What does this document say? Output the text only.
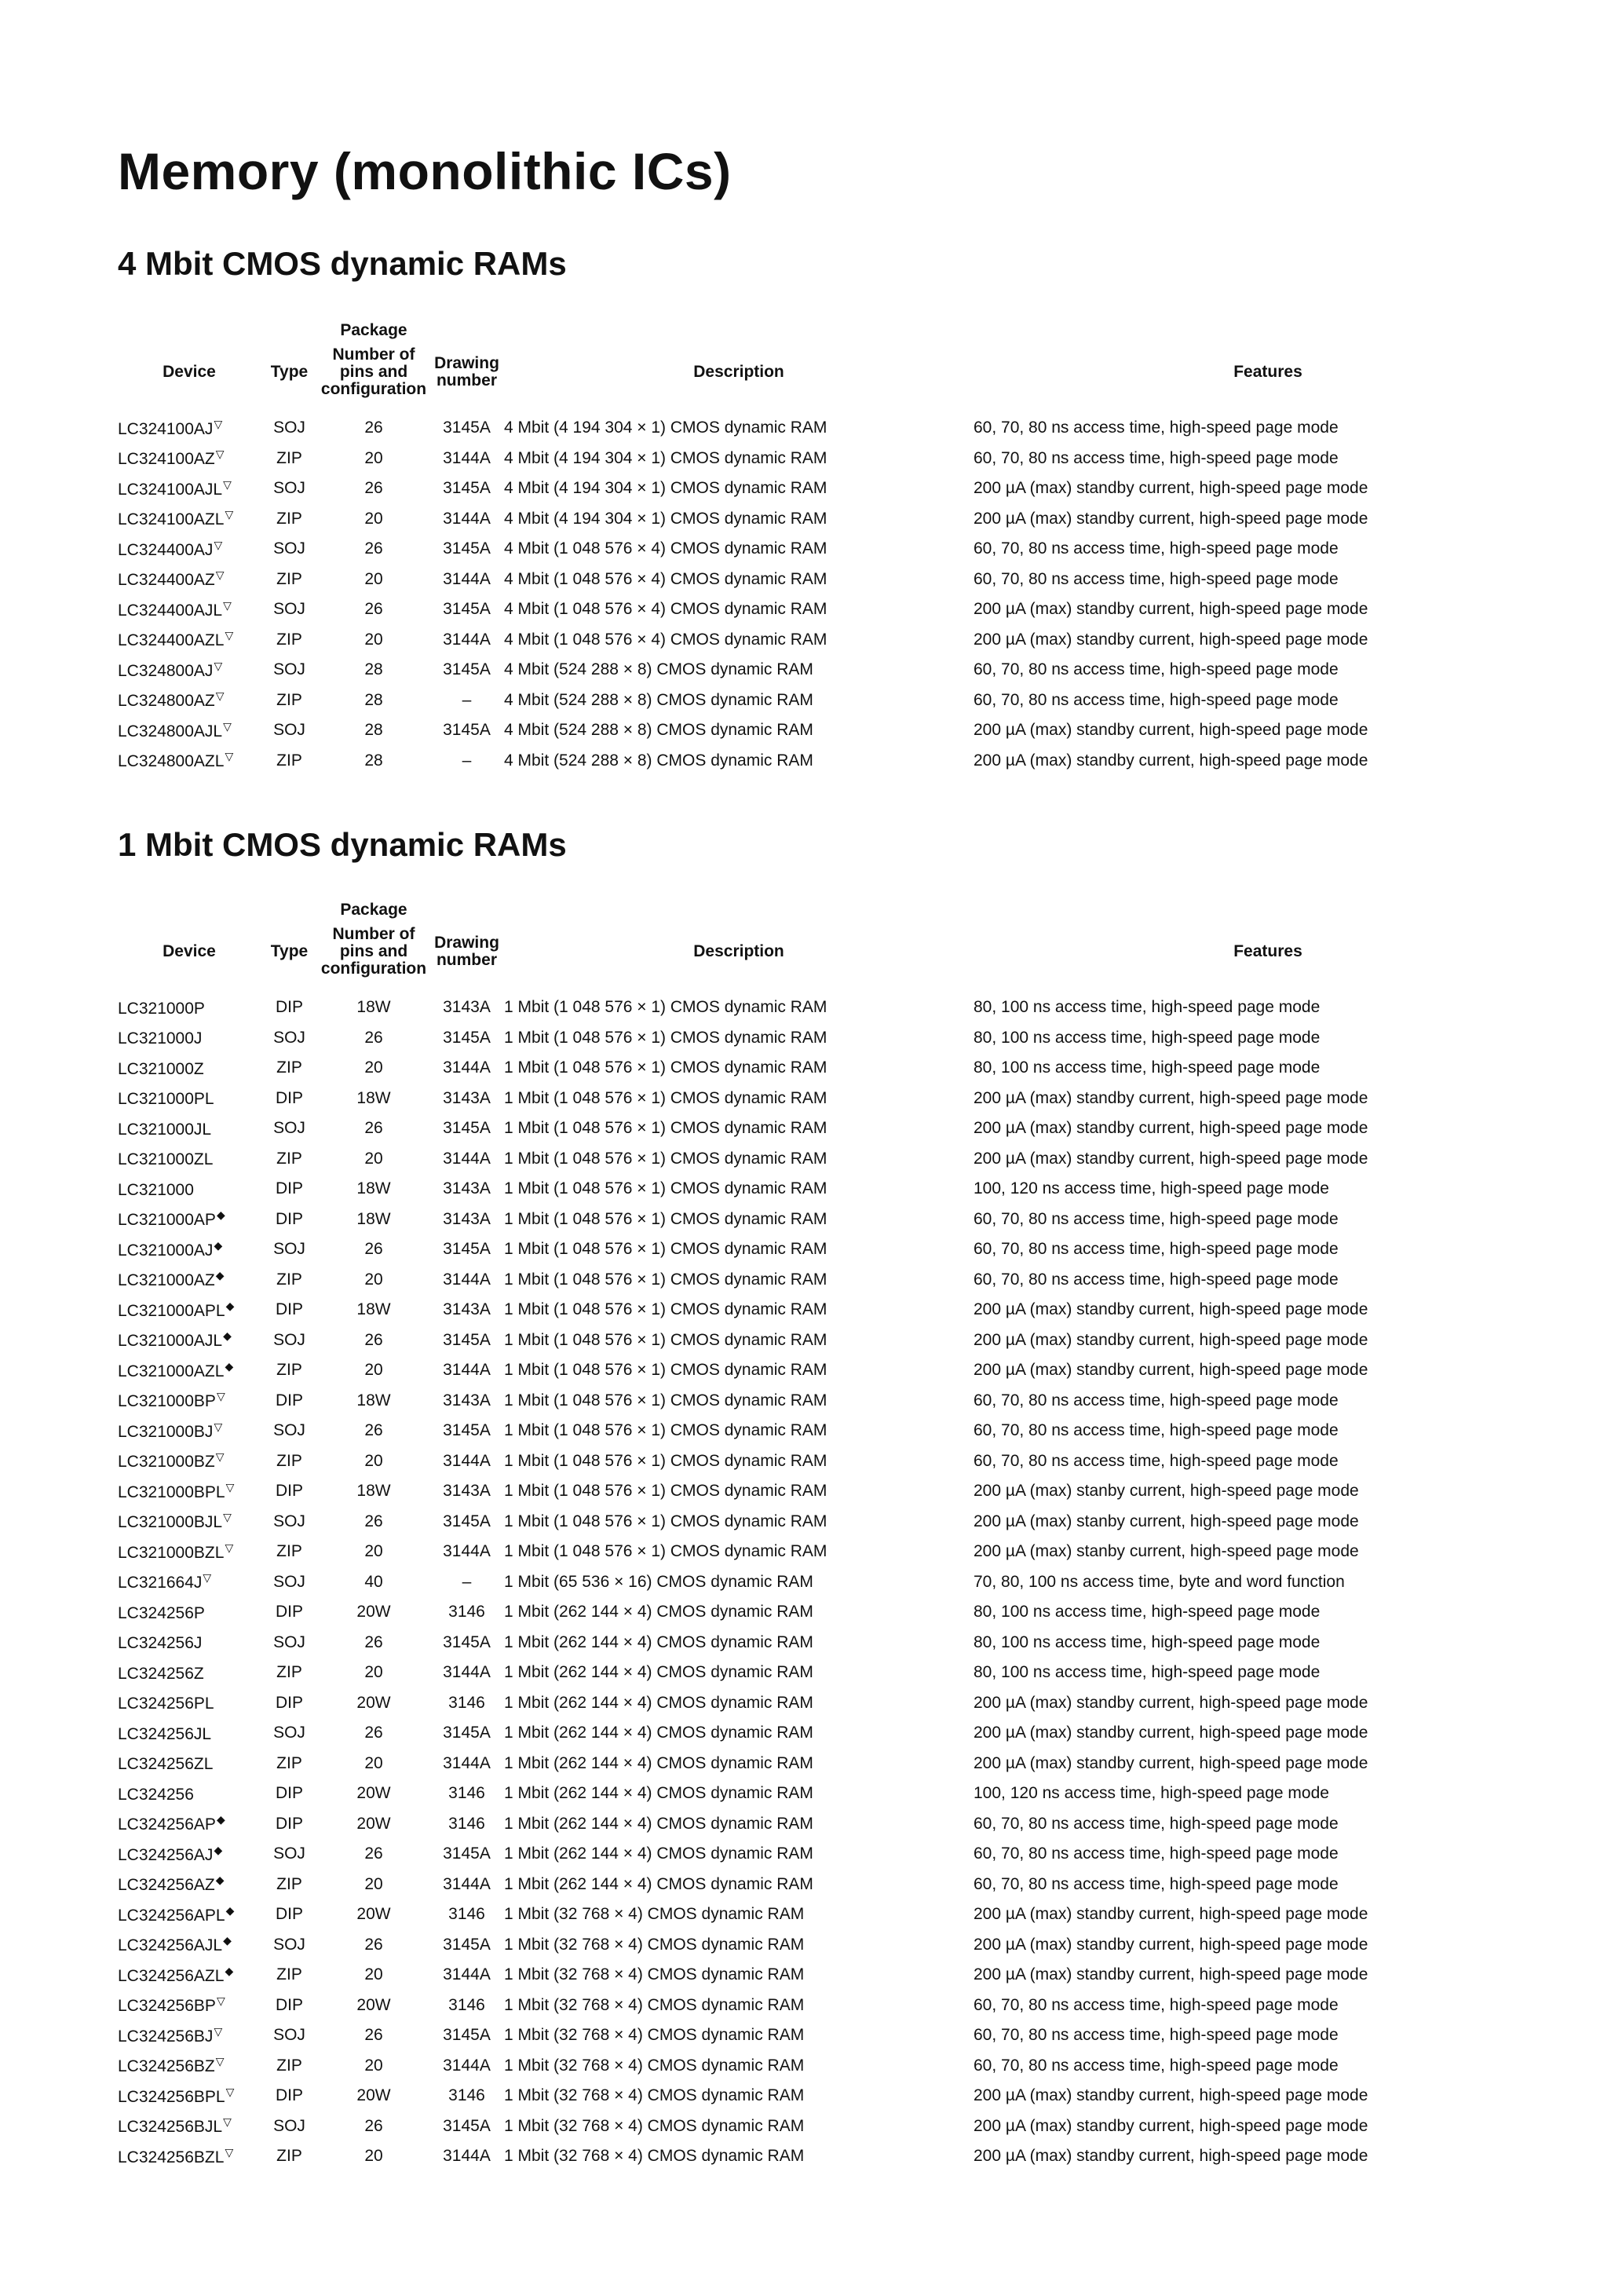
Memory (monolithic ICs)
4 Mbit CMOS dynamic RAMs
		Package			
Device	Type	Number of pins and configuration	Drawing number	Description	Features
LC324100AJ▽	SOJ	26	3145A	4 Mbit (4 194 304 × 1) CMOS dynamic RAM	60, 70, 80 ns access time, high-speed page mode
LC324100AZ▽	ZIP	20	3144A	4 Mbit (4 194 304 × 1) CMOS dynamic RAM	60, 70, 80 ns access time, high-speed page mode
LC324100AJL▽	SOJ	26	3145A	4 Mbit (4 194 304 × 1) CMOS dynamic RAM	200 µA (max) standby current, high-speed page mode
LC324100AZL▽	ZIP	20	3144A	4 Mbit (4 194 304 × 1) CMOS dynamic RAM	200 µA (max) standby current, high-speed page mode
LC324400AJ▽	SOJ	26	3145A	4 Mbit (1 048 576 × 4) CMOS dynamic RAM	60, 70, 80 ns access time, high-speed page mode
LC324400AZ▽	ZIP	20	3144A	4 Mbit (1 048 576 × 4) CMOS dynamic RAM	60, 70, 80 ns access time, high-speed page mode
LC324400AJL▽	SOJ	26	3145A	4 Mbit (1 048 576 × 4) CMOS dynamic RAM	200 µA (max) standby current, high-speed page mode
LC324400AZL▽	ZIP	20	3144A	4 Mbit (1 048 576 × 4) CMOS dynamic RAM	200 µA (max) standby current, high-speed page mode
LC324800AJ▽	SOJ	28	3145A	4 Mbit (524 288 × 8) CMOS dynamic RAM	60, 70, 80 ns access time, high-speed page mode
LC324800AZ▽	ZIP	28	–	4 Mbit (524 288 × 8) CMOS dynamic RAM	60, 70, 80 ns access time, high-speed page mode
LC324800AJL▽	SOJ	28	3145A	4 Mbit (524 288 × 8) CMOS dynamic RAM	200 µA (max) standby current, high-speed page mode
LC324800AZL▽	ZIP	28	–	4 Mbit (524 288 × 8) CMOS dynamic RAM	200 µA (max) standby current, high-speed page mode
1 Mbit CMOS dynamic RAMs
		Package			
Device	Type	Number of pins and configuration	Drawing number	Description	Features
LC321000P	DIP	18W	3143A	1 Mbit (1 048 576 × 1) CMOS dynamic RAM	80, 100 ns access time, high-speed page mode
LC321000J	SOJ	26	3145A	1 Mbit (1 048 576 × 1) CMOS dynamic RAM	80, 100 ns access time, high-speed page mode
LC321000Z	ZIP	20	3144A	1 Mbit (1 048 576 × 1) CMOS dynamic RAM	80, 100 ns access time, high-speed page mode
LC321000PL	DIP	18W	3143A	1 Mbit (1 048 576 × 1) CMOS dynamic RAM	200 µA (max) standby current, high-speed page mode
LC321000JL	SOJ	26	3145A	1 Mbit (1 048 576 × 1) CMOS dynamic RAM	200 µA (max) standby current, high-speed page mode
LC321000ZL	ZIP	20	3144A	1 Mbit (1 048 576 × 1) CMOS dynamic RAM	200 µA (max) standby current, high-speed page mode
LC321000	DIP	18W	3143A	1 Mbit (1 048 576 × 1) CMOS dynamic RAM	100, 120 ns access time, high-speed page mode
LC321000AP◆	DIP	18W	3143A	1 Mbit (1 048 576 × 1) CMOS dynamic RAM	60, 70, 80 ns access time, high-speed page mode
LC321000AJ◆	SOJ	26	3145A	1 Mbit (1 048 576 × 1) CMOS dynamic RAM	60, 70, 80 ns access time, high-speed page mode
LC321000AZ◆	ZIP	20	3144A	1 Mbit (1 048 576 × 1) CMOS dynamic RAM	60, 70, 80 ns access time, high-speed page mode
LC321000APL◆	DIP	18W	3143A	1 Mbit (1 048 576 × 1) CMOS dynamic RAM	200 µA (max) standby current, high-speed page mode
LC321000AJL◆	SOJ	26	3145A	1 Mbit (1 048 576 × 1) CMOS dynamic RAM	200 µA (max) standby current, high-speed page mode
LC321000AZL◆	ZIP	20	3144A	1 Mbit (1 048 576 × 1) CMOS dynamic RAM	200 µA (max) standby current, high-speed page mode
LC321000BP▽	DIP	18W	3143A	1 Mbit (1 048 576 × 1) CMOS dynamic RAM	60, 70, 80 ns access time, high-speed page mode
LC321000BJ▽	SOJ	26	3145A	1 Mbit (1 048 576 × 1) CMOS dynamic RAM	60, 70, 80 ns access time, high-speed page mode
LC321000BZ▽	ZIP	20	3144A	1 Mbit (1 048 576 × 1) CMOS dynamic RAM	60, 70, 80 ns access time, high-speed page mode
LC321000BPL▽	DIP	18W	3143A	1 Mbit (1 048 576 × 1) CMOS dynamic RAM	200 µA (max) stanby current, high-speed page mode
LC321000BJL▽	SOJ	26	3145A	1 Mbit (1 048 576 × 1) CMOS dynamic RAM	200 µA (max) stanby current, high-speed page mode
LC321000BZL▽	ZIP	20	3144A	1 Mbit (1 048 576 × 1) CMOS dynamic RAM	200 µA (max) stanby current, high-speed page mode
LC321664J▽	SOJ	40	–	1 Mbit (65 536 × 16) CMOS dynamic RAM	70, 80, 100 ns access time, byte and word function
LC324256P	DIP	20W	3146	1 Mbit (262 144 × 4) CMOS dynamic RAM	80, 100 ns access time, high-speed page mode
LC324256J	SOJ	26	3145A	1 Mbit (262 144 × 4) CMOS dynamic RAM	80, 100 ns access time, high-speed page mode
LC324256Z	ZIP	20	3144A	1 Mbit (262 144 × 4) CMOS dynamic RAM	80, 100 ns access time, high-speed page mode
LC324256PL	DIP	20W	3146	1 Mbit (262 144 × 4) CMOS dynamic RAM	200 µA (max) standby current, high-speed page mode
LC324256JL	SOJ	26	3145A	1 Mbit (262 144 × 4) CMOS dynamic RAM	200 µA (max) standby current, high-speed page mode
LC324256ZL	ZIP	20	3144A	1 Mbit (262 144 × 4) CMOS dynamic RAM	200 µA (max) standby current, high-speed page mode
LC324256	DIP	20W	3146	1 Mbit (262 144 × 4) CMOS dynamic RAM	100, 120 ns access time, high-speed page mode
LC324256AP◆	DIP	20W	3146	1 Mbit (262 144 × 4) CMOS dynamic RAM	60, 70, 80 ns access time, high-speed page mode
LC324256AJ◆	SOJ	26	3145A	1 Mbit (262 144 × 4) CMOS dynamic RAM	60, 70, 80 ns access time, high-speed page mode
LC324256AZ◆	ZIP	20	3144A	1 Mbit (262 144 × 4) CMOS dynamic RAM	60, 70, 80 ns access time, high-speed page mode
LC324256APL◆	DIP	20W	3146	1 Mbit (32 768 × 4) CMOS dynamic RAM	200 µA (max) standby current, high-speed page mode
LC324256AJL◆	SOJ	26	3145A	1 Mbit (32 768 × 4) CMOS dynamic RAM	200 µA (max) standby current, high-speed page mode
LC324256AZL◆	ZIP	20	3144A	1 Mbit (32 768 × 4) CMOS dynamic RAM	200 µA (max) standby current, high-speed page mode
LC324256BP▽	DIP	20W	3146	1 Mbit (32 768 × 4) CMOS dynamic RAM	60, 70, 80 ns access time, high-speed page mode
LC324256BJ▽	SOJ	26	3145A	1 Mbit (32 768 × 4) CMOS dynamic RAM	60, 70, 80 ns access time, high-speed page mode
LC324256BZ▽	ZIP	20	3144A	1 Mbit (32 768 × 4) CMOS dynamic RAM	60, 70, 80 ns access time, high-speed page mode
LC324256BPL▽	DIP	20W	3146	1 Mbit (32 768 × 4) CMOS dynamic RAM	200 µA (max) standby current, high-speed page mode
LC324256BJL▽	SOJ	26	3145A	1 Mbit (32 768 × 4) CMOS dynamic RAM	200 µA (max) standby current, high-speed page mode
LC324256BZL▽	ZIP	20	3144A	1 Mbit (32 768 × 4) CMOS dynamic RAM	200 µA (max) standby current, high-speed page mode
